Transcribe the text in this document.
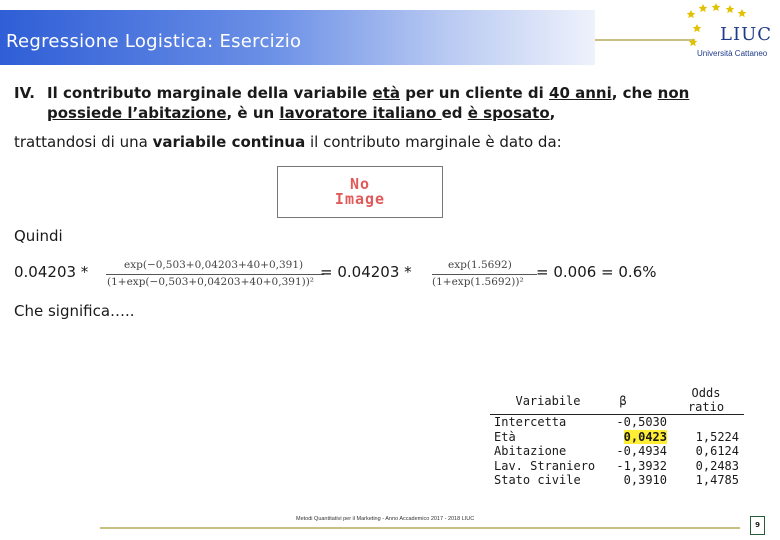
Regressione Logistica: Esercizio	LIUC
Università Cattaneo
IV. Il contributo marginale della variabile età per un cliente di 40 anni, che non possiede l’abitazione, è un lavoratore italiano ed è sposato,
trattandosi di una variabile continua il contributo marginale è dato da:
No
Image
Quindi
0.04203 *	exp(−0,503+0,04203+40+0,391)
(1+exp(−0,503+0,04203+40+0,391))²
= 0.04203 *	exp(1.5692)
(1+exp(1.5692))²
= 0.006 = 0.6%
Che significa…..
Variabile	β
Odds ratio
Intercetta	-0,5030
Età	0,0423	1,5224
Abitazione	-0,4934	0,6124
Lav. Straniero	-1,3932	0,2483
Stato civile	0,3910	1,4785
Metodi Quantitativi per il Marketing - Anno Accademico 2017 - 2018 LIUC
9
